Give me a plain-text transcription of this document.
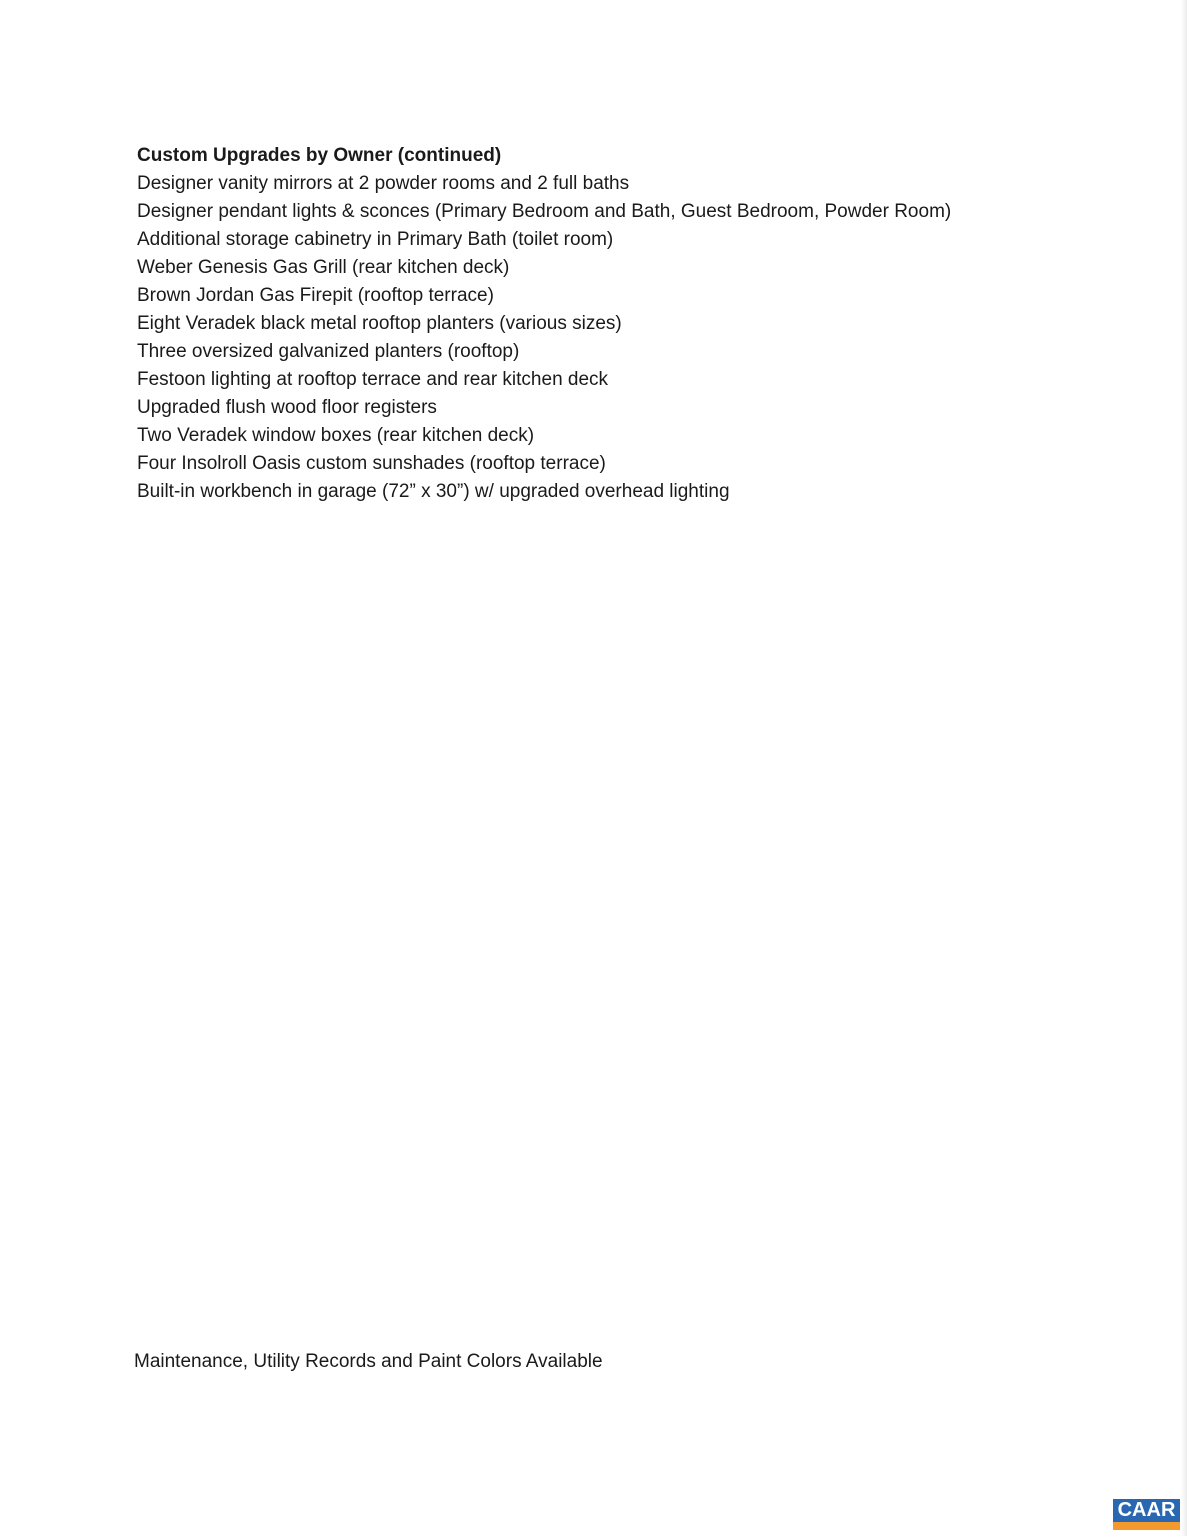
Custom Upgrades by Owner (continued)
Designer vanity mirrors at 2 powder rooms and 2 full baths
Designer pendant lights & sconces (Primary Bedroom and Bath, Guest Bedroom, Powder Room)
Additional storage cabinetry in Primary Bath (toilet room)
Weber Genesis Gas Grill (rear kitchen deck)
Brown Jordan Gas Firepit (rooftop terrace)
Eight Veradek black metal rooftop planters (various sizes)
Three oversized galvanized planters (rooftop)
Festoon lighting at rooftop terrace and rear kitchen deck
Upgraded flush wood floor registers
Two Veradek window boxes (rear kitchen deck)
Four Insolroll Oasis custom sunshades (rooftop terrace)
Built-in workbench in garage (72” x 30”) w/ upgraded overhead lighting
Maintenance, Utility Records and Paint Colors Available
CAAR
